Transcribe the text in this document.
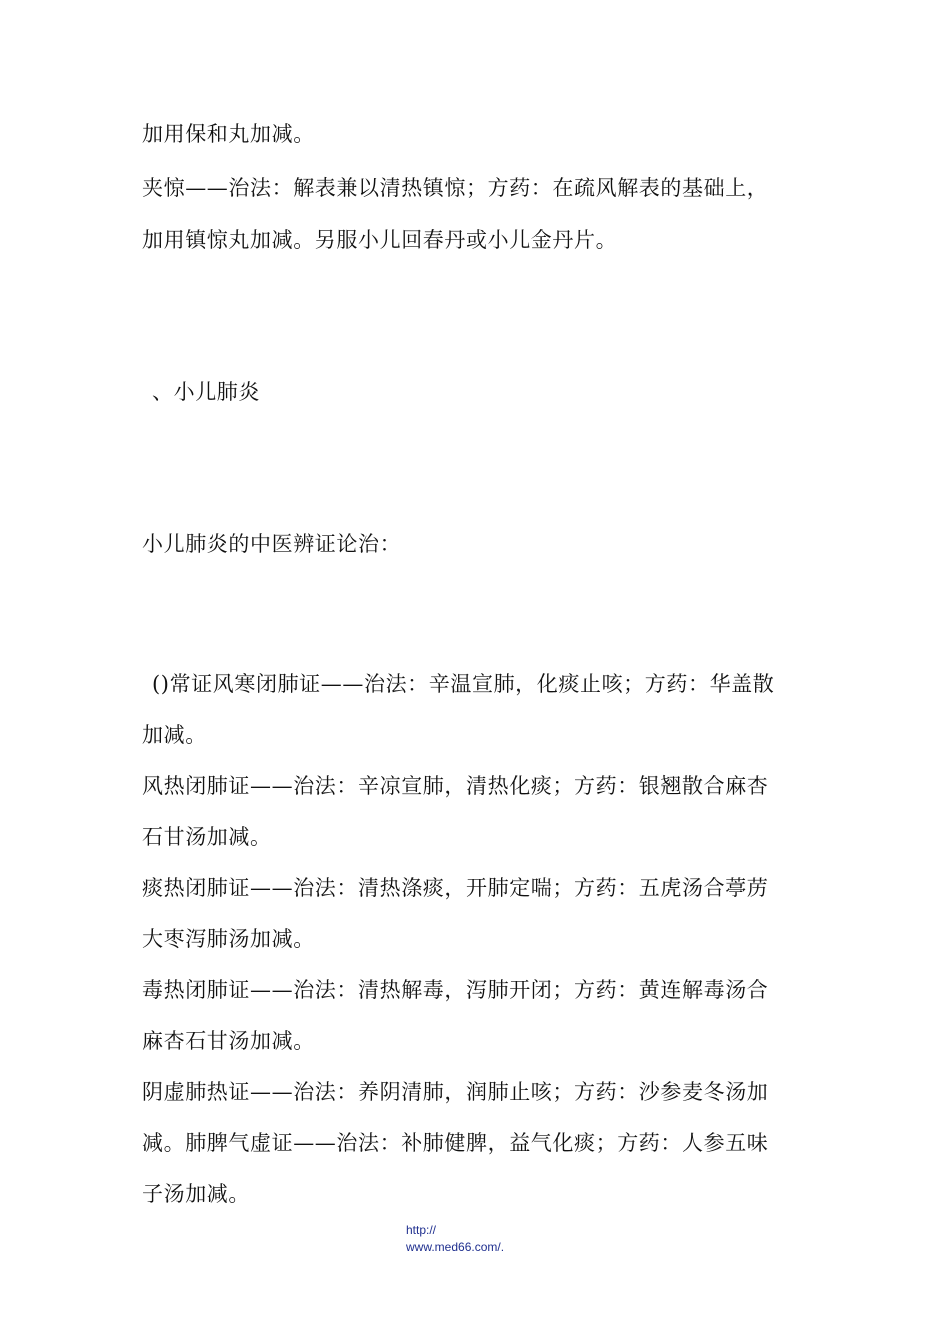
加用保和丸加减。
夹惊——治法：解表兼以清热镇惊；方药：在疏风解表的基础上，
加用镇惊丸加减。另服小儿回春丹或小儿金丹片。
、小儿肺炎
小儿肺炎的中医辨证论治：
()常证风寒闭肺证——治法：辛温宣肺，化痰止咳；方药：华盖散
加减。
风热闭肺证——治法：辛凉宣肺，清热化痰；方药：银翘散合麻杏
石甘汤加减。
痰热闭肺证——治法：清热涤痰，开肺定喘；方药：五虎汤合葶苈
大枣泻肺汤加减。
毒热闭肺证——治法：清热解毒，泻肺开闭；方药：黄连解毒汤合
麻杏石甘汤加减。
阴虚肺热证——治法：养阴清肺，润肺止咳；方药：沙参麦冬汤加
减。肺脾气虚证——治法：补肺健脾，益气化痰；方药：人参五味
子汤加减。
http://
www.med66.com/.
